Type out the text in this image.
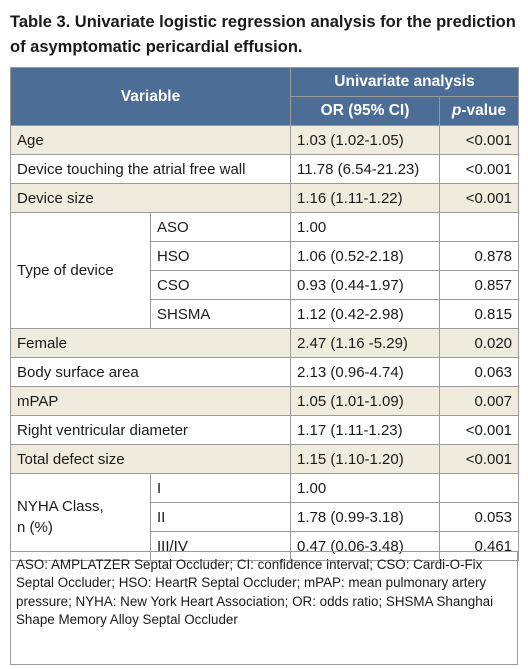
Table 3. Univariate logistic regression analysis for the prediction of asymptomatic pericardial effusion.
Variable		Univariate analysis	
		OR (95% CI)	p-value
Age		1.03 (1.02-1.05)	<0.001
Device touching the atrial free wall		11.78 (6.54-21.23)	<0.001
Device size		1.16 (1.11-1.22)	<0.001
Type of device	ASO	1.00	
	HSO	1.06 (0.52-2.18)	0.878
	CSO	0.93 (0.44-1.97)	0.857
	SHSMA	1.12 (0.42-2.98)	0.815
Female		2.47 (1.16 -5.29)	0.020
Body surface area		2.13 (0.96-4.74)	0.063
mPAP		1.05 (1.01-1.09)	0.007
Right ventricular diameter		1.17 (1.11-1.23)	<0.001
Total defect size		1.15 (1.10-1.20)	<0.001

NYHA Class,
n (%)	I	1.00	
	II	1.78 (0.99-3.18)	0.053
	III/IV	0.47 (0.06-3.48)	0.461
ASO: AMPLATZER Septal Occluder; CI: confidence interval; CSO: Cardi-O-Fix Septal Occluder; HSO: HeartR Septal Occluder; mPAP: mean pulmonary artery pressure; NYHA: New York Heart Association; OR: odds ratio; SHSMA Shanghai Shape Memory Alloy Septal Occluder
